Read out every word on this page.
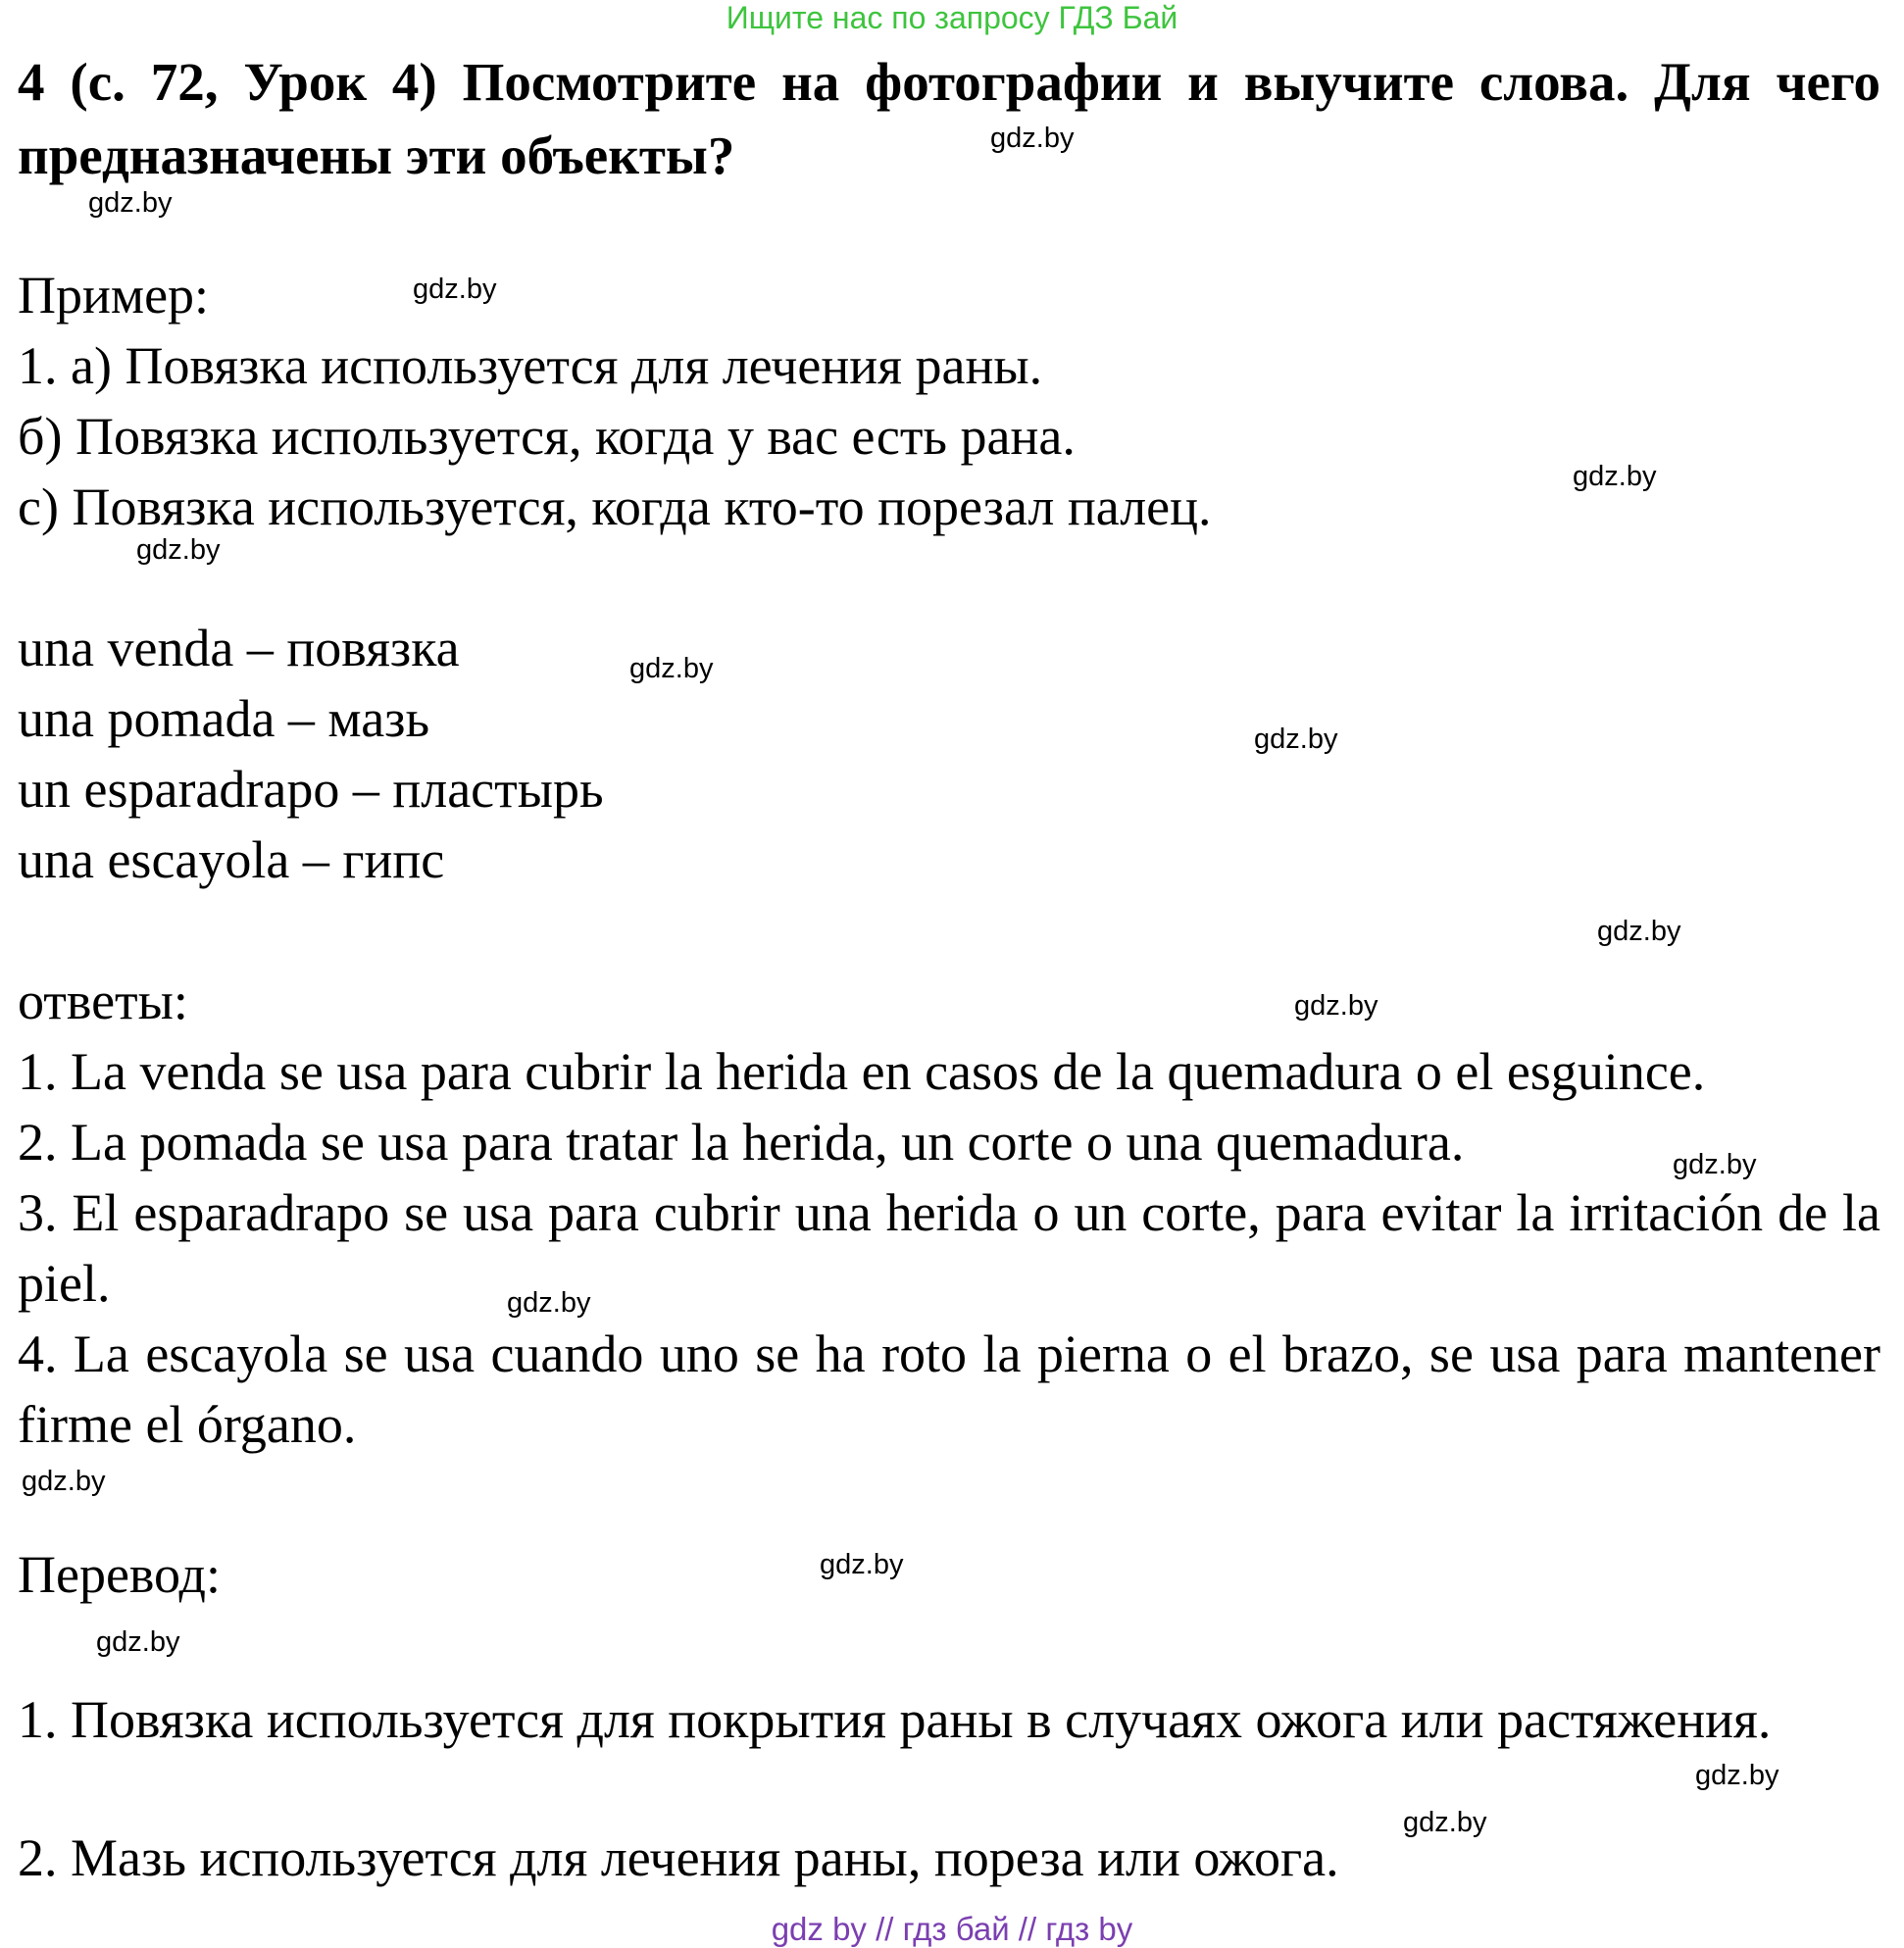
Ищите нас по запросу ГДЗ Бай
4 (с. 72, Урок 4) Посмотрите на фотографии и выучите слова. Для чего предназначены эти объекты?
Пример:
1. а) Повязка используется для лечения раны.
б) Повязка используется, когда у вас есть рана.
с) Повязка используется, когда кто-то порезал палец.
una venda – повязка
una pomada – мазь
un esparadrapo – пластырь
una escayola – гипс
ответы:
1. La venda se usa para cubrir la herida en casos de la quemadura o el esguince.
2. La pomada se usa para tratar la herida, un corte o una quemadura.

3. El esparadrapo se usa para cubrir una herida o un corte, para evitar la irritación de la piel.

4. La escayola se usa cuando uno se ha roto la pierna o el brazo, se usa para mantener firme el órgano.

Перевод:

1. Повязка используется для покрытия раны в случаях ожога или растяжения.

2. Мазь используется для лечения раны, пореза или ожога.
gdz.by
gdz.by
gdz.by
gdz.by
gdz.by
gdz.by
gdz.by
gdz.by
gdz.by
gdz.by
gdz.by
gdz.by
gdz.by
gdz.by
gdz.by
gdz.by
gdz by // гдз бай // гдз by
